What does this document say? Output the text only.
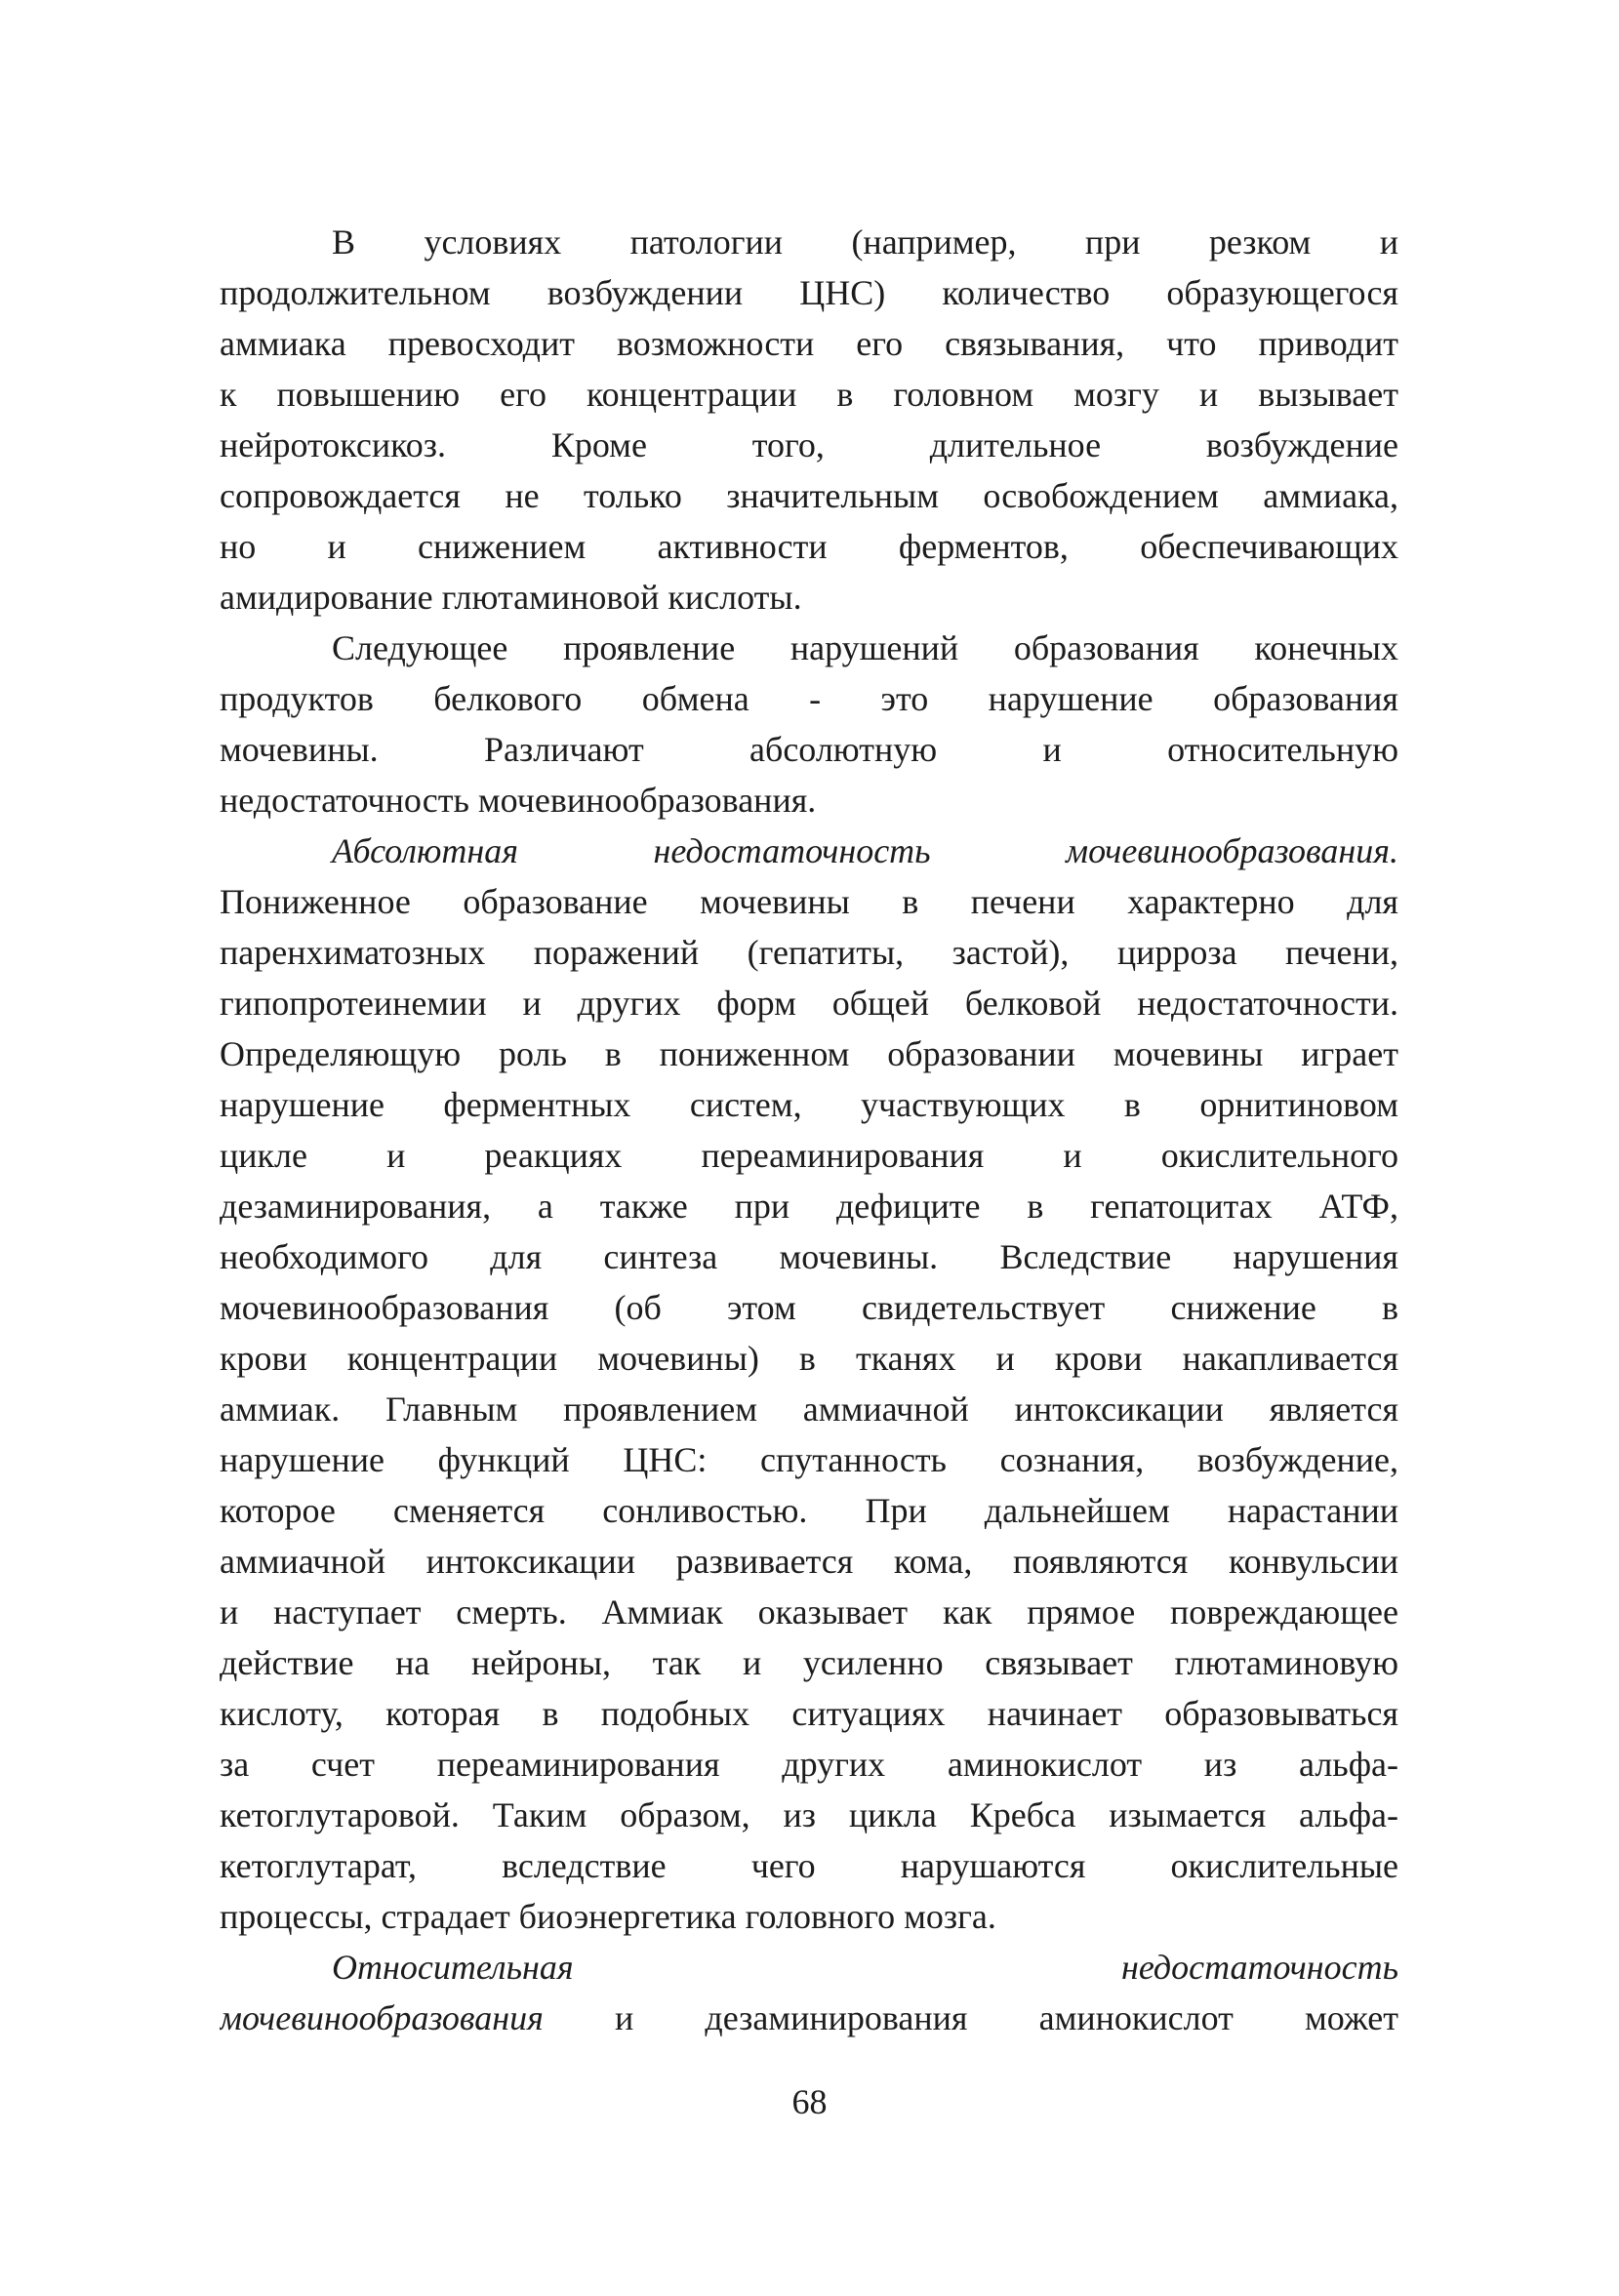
В условиях патологии (например, при резком и
продолжительном возбуждении ЦНС) количество образующегося
аммиака превосходит возможности его связывания, что приводит
к повышению его концентрации в головном мозгу и вызывает
нейротоксикоз. Кроме того, длительное возбуждение
сопровождается не только значительным освобождением аммиака,
но и снижением активности ферментов, обеспечивающих
амидирование глютаминовой кислоты.
Следующее проявление нарушений образования конечных
продуктов белкового обмена - это нарушение образования
мочевины. Различают абсолютную и относительную
недостаточность мочевинообразования.
Абсолютная недостаточность мочевинообразования.
Пониженное образование мочевины в печени характерно для
паренхиматозных поражений (гепатиты, застой), цирроза печени,
гипопротеинемии и других форм общей белковой недостаточности.
Определяющую роль в пониженном образовании мочевины играет
нарушение ферментных систем, участвующих в орнитиновом
цикле и реакциях переаминирования и окислительного
дезаминирования, а также при дефиците в гепатоцитах АТФ,
необходимого для синтеза мочевины. Вследствие нарушения
мочевинообразования (об этом свидетельствует снижение в
крови концентрации мочевины) в тканях и крови накапливается
аммиак. Главным проявлением аммиачной интоксикации является
нарушение функций ЦНС: спутанность сознания, возбуждение,
которое сменяется сонливостью. При дальнейшем нарастании
аммиачной интоксикации развивается кома, появляются конвульсии
и наступает смерть. Аммиак оказывает как прямое повреждающее
действие на нейроны, так и усиленно связывает глютаминовую
кислоту, которая в подобных ситуациях начинает образовываться
за счет переаминирования других аминокислот из альфа-
кетоглутаровой. Таким образом, из цикла Кребса изымается альфа-
кетоглутарат, вследствие чего нарушаются окислительные
процессы, страдает биоэнергетика головного мозга.
Относительная недостаточность
мочевинообразования и дезаминирования аминокислот может
68
